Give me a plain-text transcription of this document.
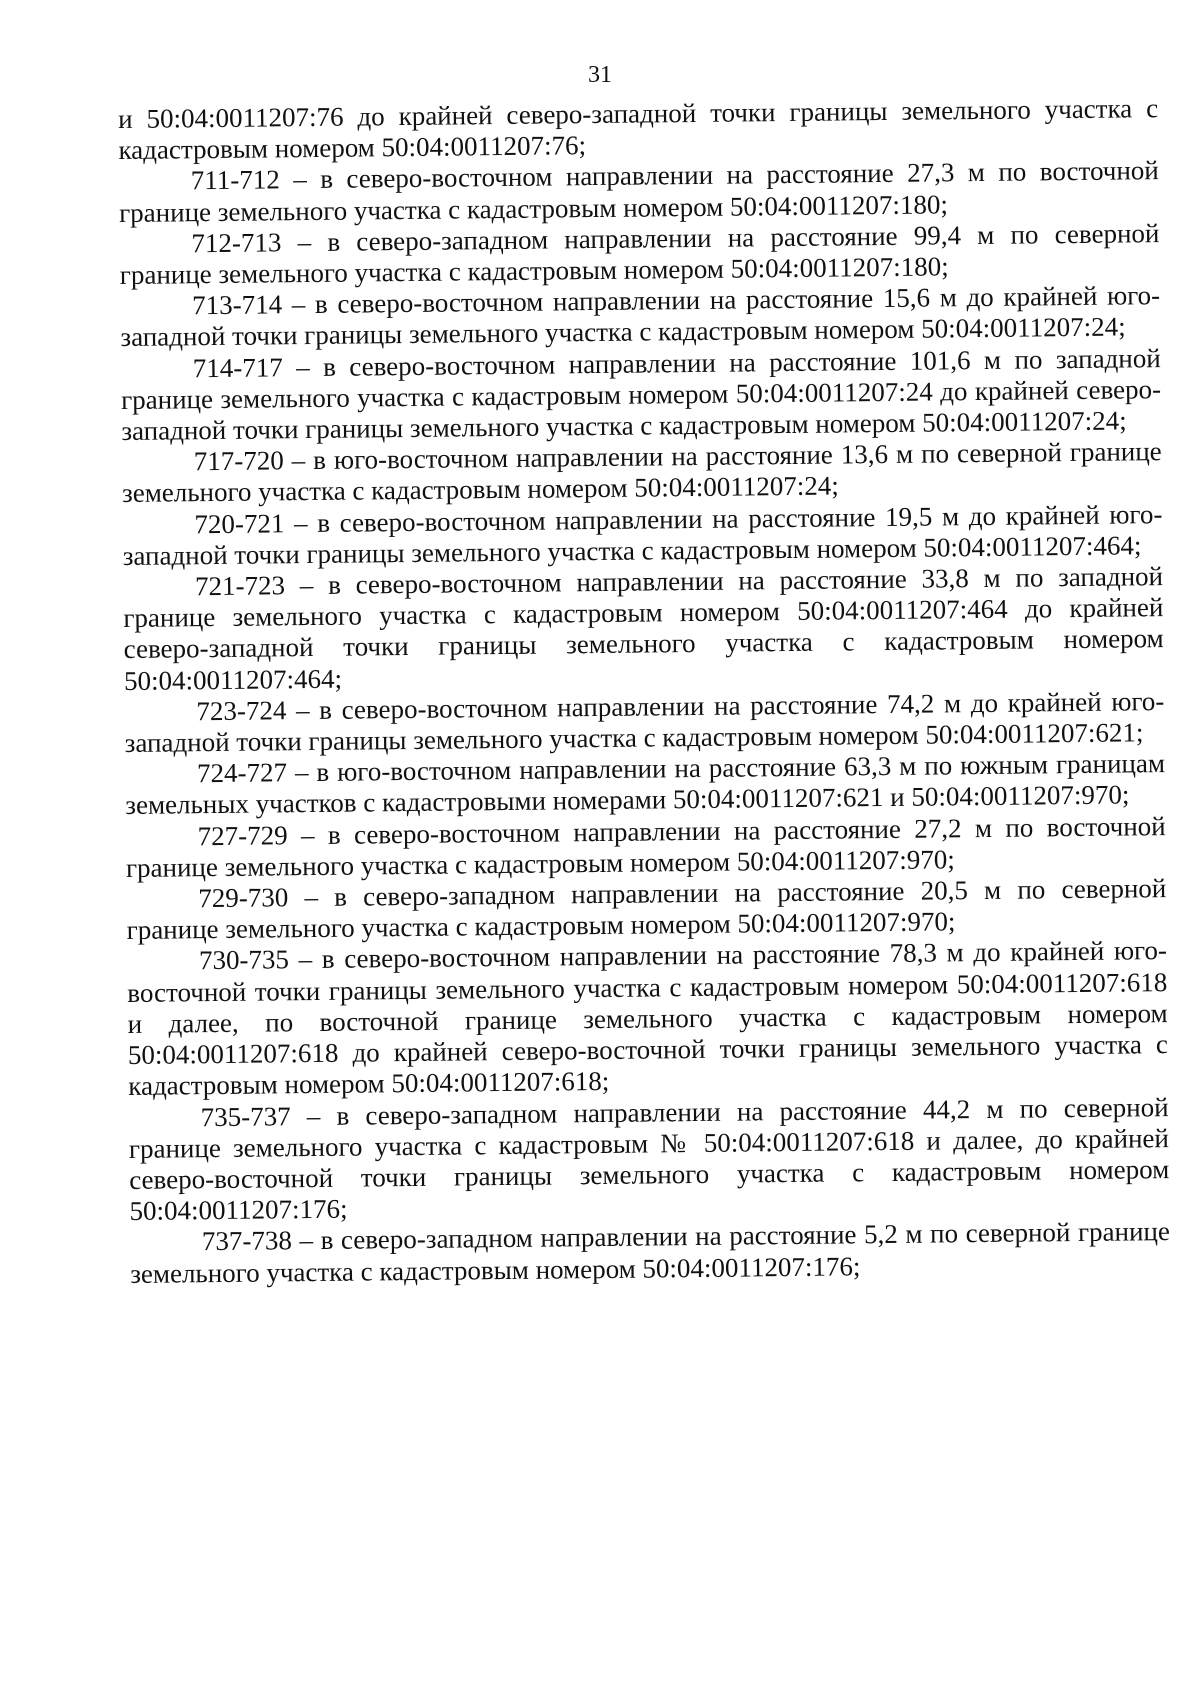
31

и 50:04:0011207:76 до крайней северо-западной точки границы земельного участка с кадастровым номером 50:04:0011207:76;

711-712 – в северо-восточном направлении на расстояние 27,3 м по восточной границе земельного участка с кадастровым номером 50:04:0011207:180;

712-713 – в северо-западном направлении на расстояние 99,4 м по северной границе земельного участка с кадастровым номером 50:04:0011207:180;

713-714 – в северо-восточном направлении на расстояние 15,6 м до крайней юго-западной точки границы земельного участка с кадастровым номером 50:04:0011207:24;

714-717 – в северо-восточном направлении на расстояние 101,6 м по западной границе земельного участка с кадастровым номером 50:04:0011207:24 до крайней северо-западной точки границы земельного участка с кадастровым номером 50:04:0011207:24;

717-720 – в юго-восточном направлении на расстояние 13,6 м по северной границе земельного участка с кадастровым номером 50:04:0011207:24;

720-721 – в северо-восточном направлении на расстояние 19,5 м до крайней юго-западной точки границы земельного участка с кадастровым номером 50:04:0011207:464;

721-723 – в северо-восточном направлении на расстояние 33,8 м по западной границе земельного участка с кадастровым номером 50:04:0011207:464 до крайней северо-западной точки границы земельного участка с кадастровым номером 50:04:0011207:464;

723-724 – в северо-восточном направлении на расстояние 74,2 м до крайней юго-западной точки границы земельного участка с кадастровым номером 50:04:0011207:621;

724-727 – в юго-восточном направлении на расстояние 63,3 м по южным границам земельных участков с кадастровыми номерами 50:04:0011207:621 и 50:04:0011207:970;

727-729 – в северо-восточном направлении на расстояние 27,2 м по восточной границе земельного участка с кадастровым номером 50:04:0011207:970;

729-730 – в северо-западном направлении на расстояние 20,5 м по северной границе земельного участка с кадастровым номером 50:04:0011207:970;

730-735 – в северо-восточном направлении на расстояние 78,3 м до крайней юго-восточной точки границы земельного участка с кадастровым номером 50:04:0011207:618 и далее, по восточной границе земельного участка с кадастровым номером 50:04:0011207:618 до крайней северо-восточной точки границы земельного участка с кадастровым номером 50:04:0011207:618;

735-737 – в северо-западном направлении на расстояние 44,2 м по северной границе земельного участка с кадастровым № 50:04:0011207:618 и далее, до крайней северо-восточной точки границы земельного участка с кадастровым номером 50:04:0011207:176;

737-738 – в северо-западном направлении на расстояние 5,2 м по северной границе земельного участка с кадастровым номером 50:04:0011207:176;
